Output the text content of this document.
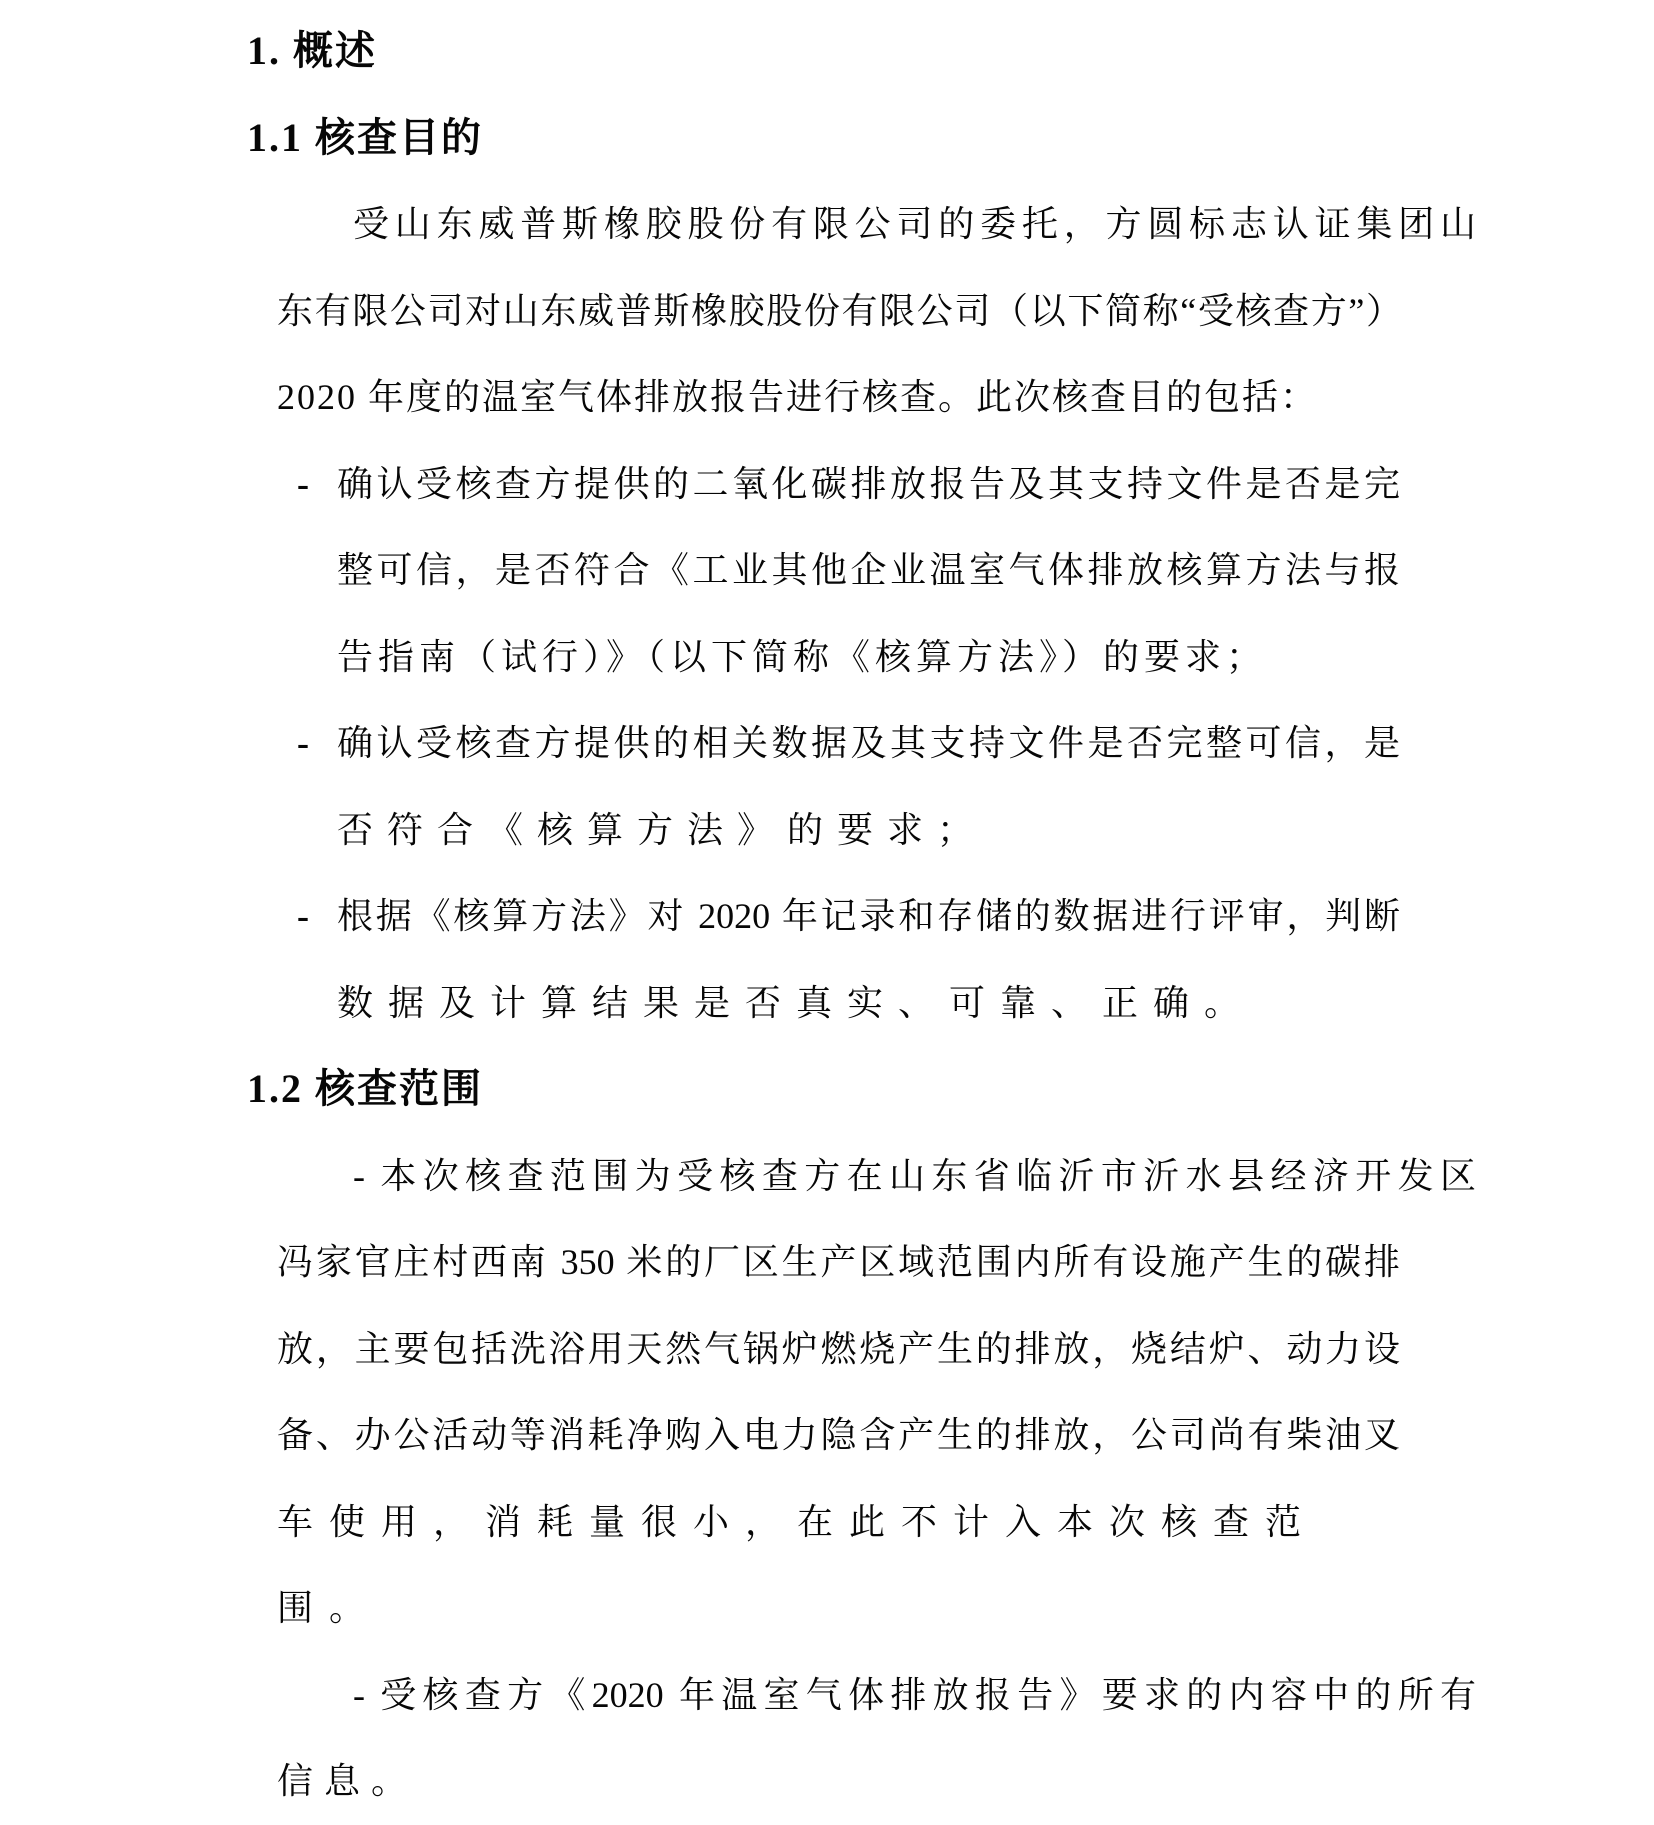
1. 概述
1.1 核查目的
受山东威普斯橡胶股份有限公司的委托，方圆标志认证集团山
东有限公司对山东威普斯橡胶股份有限公司（以下简称“受核查方”）
2020 年度的温室气体排放报告进行核查。此次核查目的包括：
- 确认受核查方提供的二氧化碳排放报告及其支持文件是否是完
整可信，是否符合《工业其他企业温室气体排放核算方法与报
告指南（试行）》（以下简称《核算方法》）的要求；
- 确认受核查方提供的相关数据及其支持文件是否完整可信，是
否符合《核算方法》的要求；
- 根据《核算方法》对 2020 年记录和存储的数据进行评审，判断
数据及计算结果是否真实、可靠、正确。
1.2 核查范围
- 本次核查范围为受核查方在山东省临沂市沂水县经济开发区
冯家官庄村西南 350 米的厂区生产区域范围内所有设施产生的碳排
放，主要包括洗浴用天然气锅炉燃烧产生的排放，烧结炉、动力设
备、办公活动等消耗净购入电力隐含产生的排放，公司尚有柴油叉
车使用，消耗量很小，在此不计入本次核查范围。
- 受核查方《2020 年温室气体排放报告》要求的内容中的所有
信息。
